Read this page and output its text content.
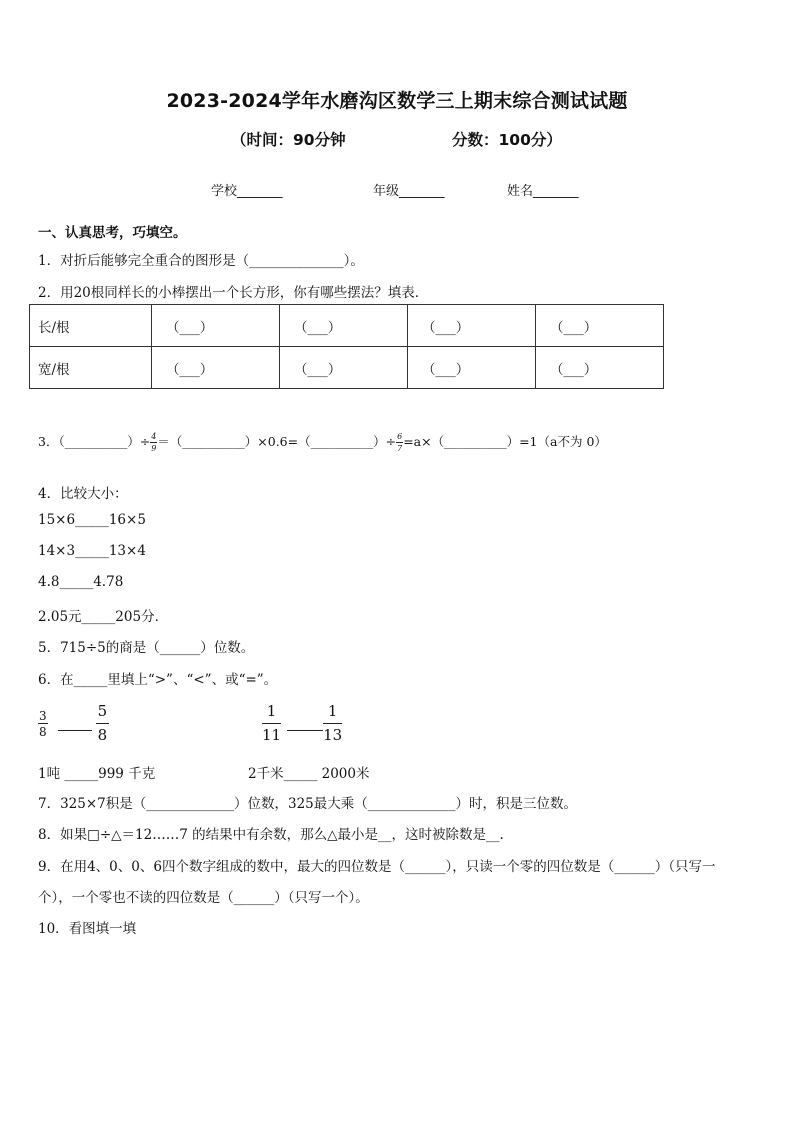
2023-2024学年水磨沟区数学三上期末综合测试试题
（时间：90分钟	分数：100分）
学校_______	年级_______	姓名_______
一、认真思考，巧填空。
1．对折后能够完全重合的图形是（______________）。
2．用20根同样长的小棒摆出一个长方形，你有哪些摆法？填表．
长/根	（___）	（___）	（___）	（___）
宽/根	（___）	（___）	（___）	（___）
3．（__________）÷ $\frac{4}{9}$ ＝（__________）×0.6=（__________）÷ $\frac{6}{7}$ =a×（__________）=1（a不为 0）
4．比较大小：
15×6_____16×5
14×3_____13×4
4.8_____4.78
2.05元_____205分．
5．715÷5的商是（______）位数。
6．在_____里填上“>”、“<”、或“=”。
$\frac{3}{8}$	$\frac{5}{8}$	$\frac{1}{11}$	$\frac{1}{13}$
1吨 _____999 千克	2千米_____ 2000米
7．325×7积是（_____________）位数，325最大乘（_____________）时，积是三位数。
8．如果□÷△＝12……7 的结果中有余数，那么△最小是__，这时被除数是__.
9．在用4、0、0、6四个数字组成的数中，最大的四位数是（______），只读一个零的四位数是（______）（只写一
个），一个零也不读的四位数是（______）（只写一个）。
10．看图填一填
